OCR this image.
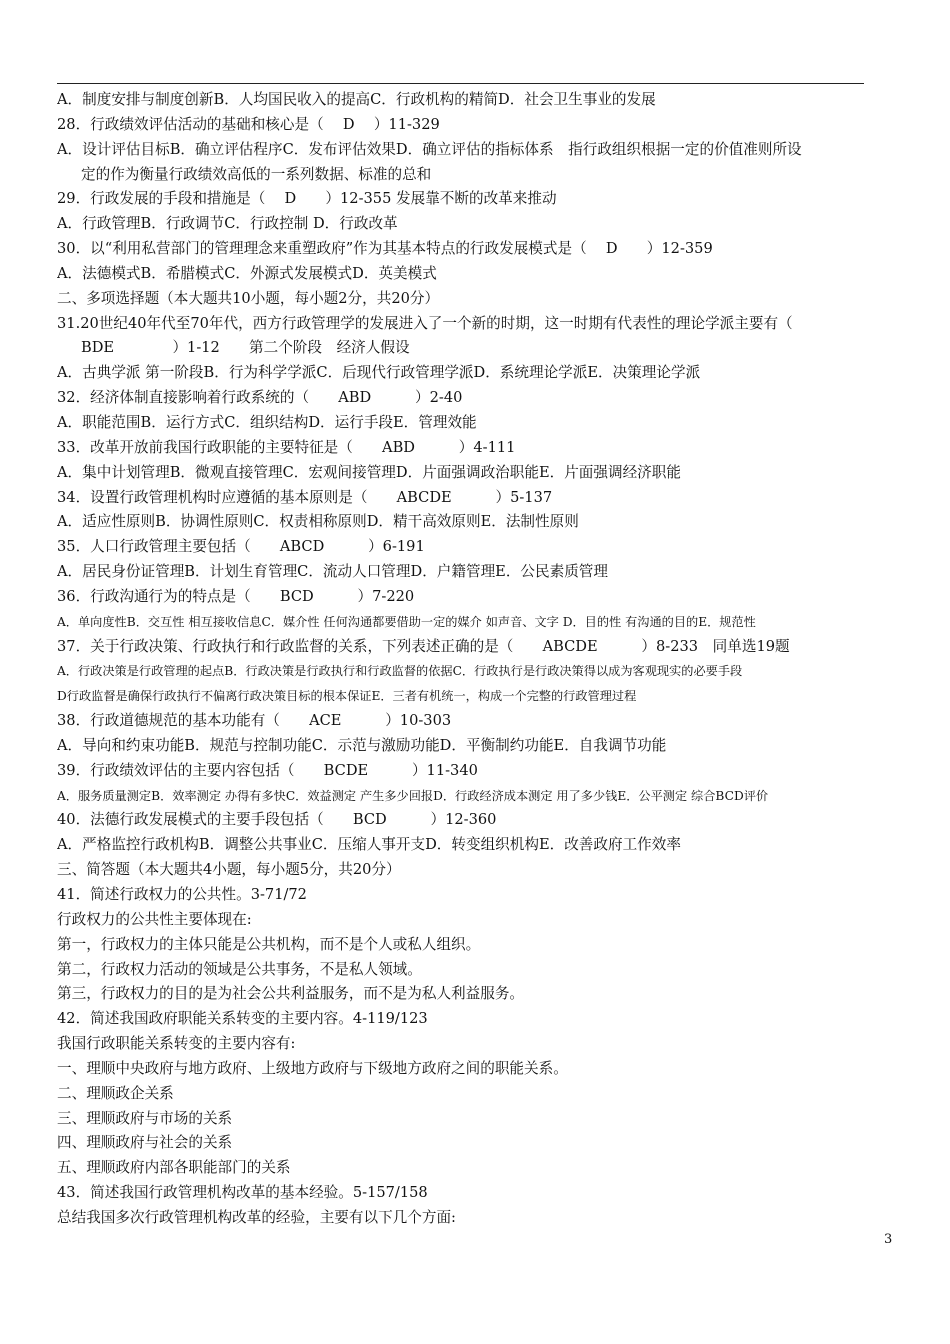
A．制度安排与制度创新B．人均国民收入的提高C．行政机构的精简D．社会卫生事业的发展
28．行政绩效评估活动的基础和核心是（　 D　 ）11-329
A．设计评估目标B．确立评估程序C．发布评估效果D．确立评估的指标体系　指行政组织根据一定的价值准则所设
定的作为衡量行政绩效高低的一系列数据、标准的总和
29．行政发展的手段和措施是（　 D　　）12-355 发展靠不断的改革来推动
A．行政管理B．行政调节C．行政控制 D．行政改革
30．以“利用私营部门的管理理念来重塑政府”作为其基本特点的行政发展模式是（　 D　　）12-359
A．法德模式B．希腊模式C．外源式发展模式D．英美模式
二、多项选择题（本大题共10小题，每小题2分，共20分）
31.20世纪40年代至70年代，西方行政管理学的发展进入了一个新的时期，这一时期有代表性的理论学派主要有（
BDE　　　　）1-12　　第二个阶段　经济人假设
A．古典学派 第一阶段B．行为科学学派C．后现代行政管理学派D．系统理论学派E．决策理论学派
32．经济体制直接影响着行政系统的（　　ABD　　　）2-40
A．职能范围B．运行方式C．组织结构D．运行手段E．管理效能
33．改革开放前我国行政职能的主要特征是（　　ABD　　　）4-111
A．集中计划管理B．微观直接管理C．宏观间接管理D．片面强调政治职能E．片面强调经济职能
34．设置行政管理机构时应遵循的基本原则是（　　ABCDE　　　）5-137
A．适应性原则B．协调性原则C．权责相称原则D．精干高效原则E．法制性原则
35．人口行政管理主要包括（　　ABCD　　　）6-191
A．居民身份证管理B．计划生育管理C．流动人口管理D．户籍管理E．公民素质管理
36．行政沟通行为的特点是（　　BCD　　　）7-220
A．单向度性B．交互性 相互接收信息C．媒介性 任何沟通都要借助一定的媒介 如声音、文字 D．目的性 有沟通的目的E．规范性
37．关于行政决策、行政执行和行政监督的关系，下列表述正确的是（　　ABCDE　　　）8-233　同单选19题
A．行政决策是行政管理的起点B．行政决策是行政执行和行政监督的依据C．行政执行是行政决策得以成为客观现实的必要手段
D行政监督是确保行政执行不偏离行政决策目标的根本保证E．三者有机统一，构成一个完整的行政管理过程
38．行政道德规范的基本功能有（　　ACE　　　）10-303
A．导向和约束功能B．规范与控制功能C．示范与激励功能D．平衡制约功能E．自我调节功能
39．行政绩效评估的主要内容包括（　　BCDE　　　）11-340
A．服务质量测定B．效率测定 办得有多快C．效益测定 产生多少回报D．行政经济成本测定 用了多少钱E．公平测定 综合BCD评价
40．法德行政发展模式的主要手段包括（　　BCD　　　）12-360
A．严格监控行政机构B．调整公共事业C．压缩人事开支D．转变组织机构E．改善政府工作效率
三、简答题（本大题共4小题，每小题5分，共20分）
41．简述行政权力的公共性。3-71/72
行政权力的公共性主要体现在:
第一，行政权力的主体只能是公共机构，而不是个人或私人组织。
第二，行政权力活动的领域是公共事务，不是私人领域。
第三，行政权力的目的是为社会公共利益服务，而不是为私人利益服务。
42．简述我国政府职能关系转变的主要内容。4-119/123
我国行政职能关系转变的主要内容有:
一、理顺中央政府与地方政府、上级地方政府与下级地方政府之间的职能关系。
二、理顺政企关系
三、理顺政府与市场的关系
四、理顺政府与社会的关系
五、理顺政府内部各职能部门的关系
43．简述我国行政管理机构改革的基本经验。5-157/158
总结我国多次行政管理机构改革的经验，主要有以下几个方面:
3
